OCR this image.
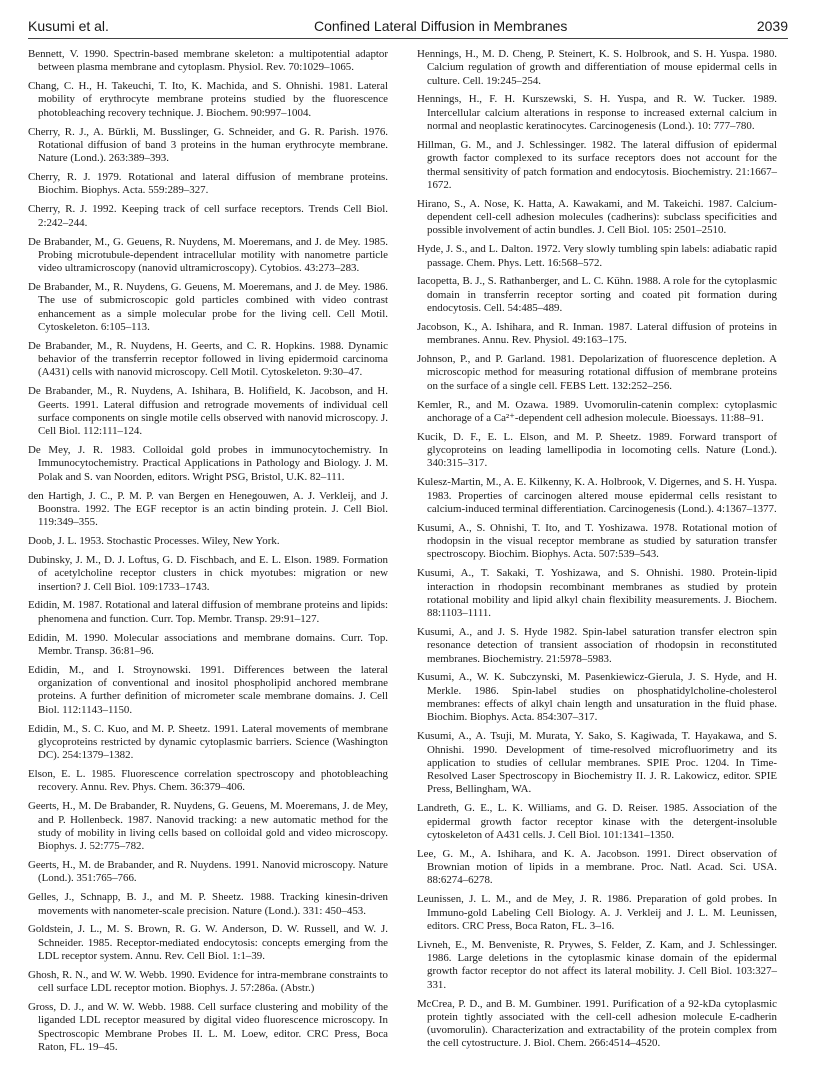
Kusumi et al.	Confined Lateral Diffusion in Membranes	2039

Bennett, V. 1990. Spectrin-based membrane skeleton: a multipotential adaptor between plasma membrane and cytoplasm. Physiol. Rev. 70:1029–1065.

Chang, C. H., H. Takeuchi, T. Ito, K. Machida, and S. Ohnishi. 1981. Lateral mobility of erythrocyte membrane proteins studied by the fluorescence photobleaching recovery technique. J. Biochem. 90:997–1004.

Cherry, R. J., A. Bürkli, M. Busslinger, G. Schneider, and G. R. Parish. 1976. Rotational diffusion of band 3 proteins in the human erythrocyte membrane. Nature (Lond.). 263:389–393.

Cherry, R. J. 1979. Rotational and lateral diffusion of membrane proteins. Biochim. Biophys. Acta. 559:289–327.

Cherry, R. J. 1992. Keeping track of cell surface receptors. Trends Cell Biol. 2:242–244.

De Brabander, M., G. Geuens, R. Nuydens, M. Moeremans, and J. de Mey. 1985. Probing microtubule-dependent intracellular motility with nanometre particle video ultramicroscopy (nanovid ultramicroscopy). Cytobios. 43:273–283.

De Brabander, M., R. Nuydens, G. Geuens, M. Moeremans, and J. de Mey. 1986. The use of submicroscopic gold particles combined with video contrast enhancement as a simple molecular probe for the living cell. Cell Motil. Cytoskeleton. 6:105–113.

De Brabander, M., R. Nuydens, H. Geerts, and C. R. Hopkins. 1988. Dynamic behavior of the transferrin receptor followed in living epidermoid carcinoma (A431) cells with nanovid microscopy. Cell Motil. Cytoskeleton. 9:30–47.

De Brabander, M., R. Nuydens, A. Ishihara, B. Holifield, K. Jacobson, and H. Geerts. 1991. Lateral diffusion and retrograde movements of individual cell surface components on single motile cells observed with nanovid microscopy. J. Cell Biol. 112:111–124.

De Mey, J. R. 1983. Colloidal gold probes in immunocytochemistry. In Immunocytochemistry. Practical Applications in Pathology and Biology. J. M. Polak and S. van Noorden, editors. Wright PSG, Bristol, U.K. 82–111.

den Hartigh, J. C., P. M. P. van Bergen en Henegouwen, A. J. Verkleij, and J. Boonstra. 1992. The EGF receptor is an actin binding protein. J. Cell Biol. 119:349–355.

Doob, J. L. 1953. Stochastic Processes. Wiley, New York.

Dubinsky, J. M., D. J. Loftus, G. D. Fischbach, and E. L. Elson. 1989. Formation of acetylcholine receptor clusters in chick myotubes: migration or new insertion? J. Cell Biol. 109:1733–1743.

Edidin, M. 1987. Rotational and lateral diffusion of membrane proteins and lipids: phenomena and function. Curr. Top. Membr. Transp. 29:91–127.

Edidin, M. 1990. Molecular associations and membrane domains. Curr. Top. Membr. Transp. 36:81–96.

Edidin, M., and I. Stroynowski. 1991. Differences between the lateral organization of conventional and inositol phospholipid anchored membrane proteins. A further definition of micrometer scale membrane domains. J. Cell Biol. 112:1143–1150.

Edidin, M., S. C. Kuo, and M. P. Sheetz. 1991. Lateral movements of membrane glycoproteins restricted by dynamic cytoplasmic barriers. Science (Washington DC). 254:1379–1382.

Elson, E. L. 1985. Fluorescence correlation spectroscopy and photobleaching recovery. Annu. Rev. Phys. Chem. 36:379–406.

Geerts, H., M. De Brabander, R. Nuydens, G. Geuens, M. Moeremans, J. de Mey, and P. Hollenbeck. 1987. Nanovid tracking: a new automatic method for the study of mobility in living cells based on colloidal gold and video microscopy. Biophys. J. 52:775–782.

Geerts, H., M. de Brabander, and R. Nuydens. 1991. Nanovid microscopy. Nature (Lond.). 351:765–766.

Gelles, J., Schnapp, B. J., and M. P. Sheetz. 1988. Tracking kinesin-driven movements with nanometer-scale precision. Nature (Lond.). 331: 450–453.

Goldstein, J. L., M. S. Brown, R. G. W. Anderson, D. W. Russell, and W. J. Schneider. 1985. Receptor-mediated endocytosis: concepts emerging from the LDL receptor system. Annu. Rev. Cell Biol. 1:1–39.

Ghosh, R. N., and W. W. Webb. 1990. Evidence for intra-membrane constraints to cell surface LDL receptor motion. Biophys. J. 57:286a. (Abstr.)

Gross, D. J., and W. W. Webb. 1988. Cell surface clustering and mobility of the liganded LDL receptor measured by digital video fluorescence microscopy. In Spectroscopic Membrane Probes II. L. M. Loew, editor. CRC Press, Boca Raton, FL. 19–45.

Hennings, H., M. D. Cheng, P. Steinert, K. S. Holbrook, and S. H. Yuspa. 1980. Calcium regulation of growth and differentiation of mouse epidermal cells in culture. Cell. 19:245–254.

Hennings, H., F. H. Kurszewski, S. H. Yuspa, and R. W. Tucker. 1989. Intercellular calcium alterations in response to increased external calcium in normal and neoplastic keratinocytes. Carcinogenesis (Lond.). 10: 777–780.

Hillman, G. M., and J. Schlessinger. 1982. The lateral diffusion of epidermal growth factor complexed to its surface receptors does not account for the thermal sensitivity of patch formation and endocytosis. Biochemistry. 21:1667–1672.

Hirano, S., A. Nose, K. Hatta, A. Kawakami, and M. Takeichi. 1987. Calcium-dependent cell-cell adhesion molecules (cadherins): subclass specificities and possible involvement of actin bundles. J. Cell Biol. 105: 2501–2510.

Hyde, J. S., and L. Dalton. 1972. Very slowly tumbling spin labels: adiabatic rapid passage. Chem. Phys. Lett. 16:568–572.

Iacopetta, B. J., S. Rathanberger, and L. C. Kühn. 1988. A role for the cytoplasmic domain in transferrin receptor sorting and coated pit formation during endocytosis. Cell. 54:485–489.

Jacobson, K., A. Ishihara, and R. Inman. 1987. Lateral diffusion of proteins in membranes. Annu. Rev. Physiol. 49:163–175.

Johnson, P., and P. Garland. 1981. Depolarization of fluorescence depletion. A microscopic method for measuring rotational diffusion of membrane proteins on the surface of a single cell. FEBS Lett. 132:252–256.

Kemler, R., and M. Ozawa. 1989. Uvomorulin-catenin complex: cytoplasmic anchorage of a Ca²⁺-dependent cell adhesion molecule. Bioessays. 11:88–91.

Kucik, D. F., E. L. Elson, and M. P. Sheetz. 1989. Forward transport of glycoproteins on leading lamellipodia in locomoting cells. Nature (Lond.). 340:315–317.

Kulesz-Martin, M., A. E. Kilkenny, K. A. Holbrook, V. Digernes, and S. H. Yuspa. 1983. Properties of carcinogen altered mouse epidermal cells resistant to calcium-induced terminal differentiation. Carcinogenesis (Lond.). 4:1367–1377.

Kusumi, A., S. Ohnishi, T. Ito, and T. Yoshizawa. 1978. Rotational motion of rhodopsin in the visual receptor membrane as studied by saturation transfer spectroscopy. Biochim. Biophys. Acta. 507:539–543.

Kusumi, A., T. Sakaki, T. Yoshizawa, and S. Ohnishi. 1980. Protein-lipid interaction in rhodopsin recombinant membranes as studied by protein rotational mobility and lipid alkyl chain flexibility measurements. J. Biochem. 88:1103–1111.

Kusumi, A., and J. S. Hyde 1982. Spin-label saturation transfer electron spin resonance detection of transient association of rhodopsin in reconstituted membranes. Biochemistry. 21:5978–5983.

Kusumi, A., W. K. Subczynski, M. Pasenkiewicz-Gierula, J. S. Hyde, and H. Merkle. 1986. Spin-label studies on phosphatidylcholine-cholesterol membranes: effects of alkyl chain length and unsaturation in the fluid phase. Biochim. Biophys. Acta. 854:307–317.

Kusumi, A., A. Tsuji, M. Murata, Y. Sako, S. Kagiwada, T. Hayakawa, and S. Ohnishi. 1990. Development of time-resolved microfluorimetry and its application to studies of cellular membranes. SPIE Proc. 1204. In Time-Resolved Laser Spectroscopy in Biochemistry II. J. R. Lakowicz, editor. SPIE Press, Bellingham, WA.

Landreth, G. E., L. K. Williams, and G. D. Reiser. 1985. Association of the epidermal growth factor receptor kinase with the detergent-insoluble cytoskeleton of A431 cells. J. Cell Biol. 101:1341–1350.

Lee, G. M., A. Ishihara, and K. A. Jacobson. 1991. Direct observation of Brownian motion of lipids in a membrane. Proc. Natl. Acad. Sci. USA. 88:6274–6278.

Leunissen, J. L. M., and de Mey, J. R. 1986. Preparation of gold probes. In Immuno-gold Labeling Cell Biology. A. J. Verkleij and J. L. M. Leunissen, editors. CRC Press, Boca Raton, FL. 3–16.

Livneh, E., M. Benveniste, R. Prywes, S. Felder, Z. Kam, and J. Schlessinger. 1986. Large deletions in the cytoplasmic kinase domain of the epidermal growth factor receptor do not affect its lateral mobility. J. Cell Biol. 103:327–331.

McCrea, P. D., and B. M. Gumbiner. 1991. Purification of a 92-kDa cytoplasmic protein tightly associated with the cell-cell adhesion molecule E-cadherin (uvomorulin). Characterization and extractability of the protein complex from the cell cytostructure. J. Biol. Chem. 266:4514–4520.
